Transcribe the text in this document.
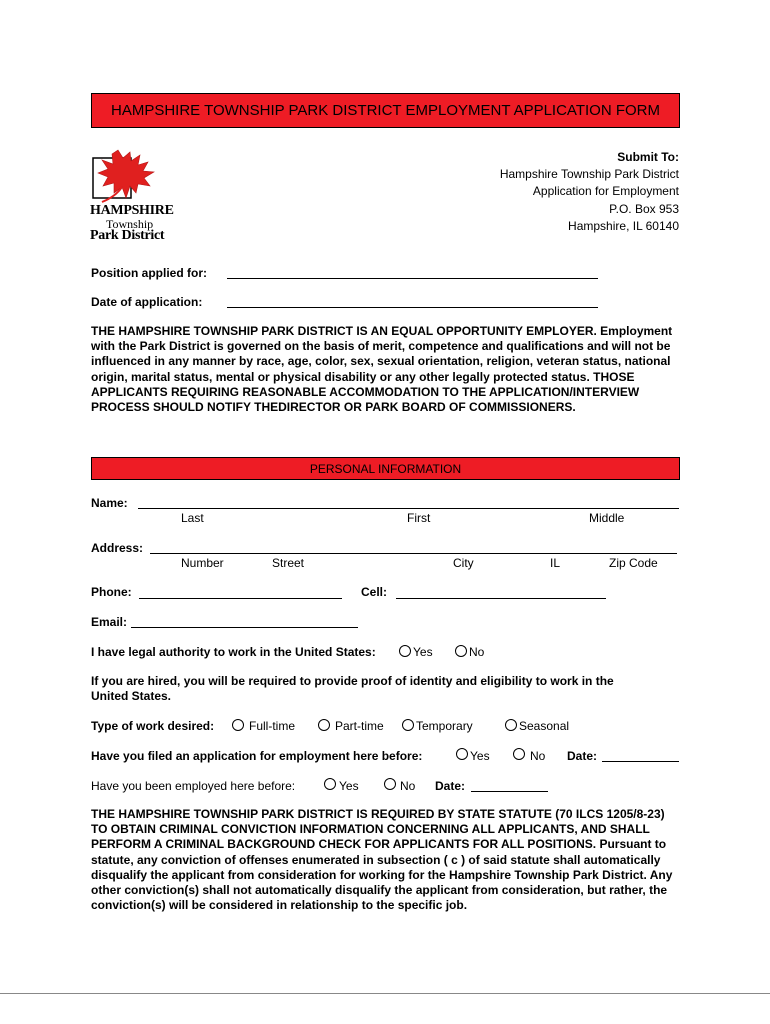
HAMPSHIRE TOWNSHIP PARK DISTRICT EMPLOYMENT APPLICATION FORM
HAMPSHIRE
Township
Park District
Submit To:
Hampshire Township Park District
Application for Employment
P.O. Box 953
Hampshire, IL 60140
Position applied for:
Date of application:
THE HAMPSHIRE TOWNSHIP PARK DISTRICT IS AN EQUAL OPPORTUNITY EMPLOYER. Employment with the Park District is governed on the basis of merit, competence and qualifications and will not be influenced in any manner by race, age, color, sex, sexual orientation, religion, veteran status, national origin, marital status, mental or physical disability or any other legally protected status. THOSE APPLICANTS REQUIRING REASONABLE ACCOMMODATION TO THE APPLICATION/INTERVIEW PROCESS SHOULD NOTIFY THEDIRECTOR OR PARK BOARD OF COMMISSIONERS.
PERSONAL INFORMATION
Name:
Last	First	Middle
Address:
Number	Street	City	IL	Zip Code
Phone:	Cell:
Email:
I have legal authority to work in the United States:	Yes	No
If you are hired, you will be required to provide proof of identity and eligibility to work in the United States.
Type of work desired:	Full-time	Part-time	Temporary	Seasonal
Have you filed an application for employment here before:	Yes	No Date:
Have you been employed here before:	Yes	No Date:
THE HAMPSHIRE TOWNSHIP PARK DISTRICT IS REQUIRED BY STATE STATUTE (70 ILCS 1205/8-23) TO OBTAIN CRIMINAL CONVICTION INFORMATION CONCERNING ALL APPLICANTS, AND SHALL PERFORM A CRIMINAL BACKGROUND CHECK FOR APPLICANTS FOR ALL POSITIONS. Pursuant to statute, any conviction of offenses enumerated in subsection ( c ) of said statute shall automatically disqualify the applicant from consideration for working for the Hampshire Township Park District. Any other conviction(s) shall not automatically disqualify the applicant from consideration, but rather, the conviction(s) will be considered in relationship to the specific job.
